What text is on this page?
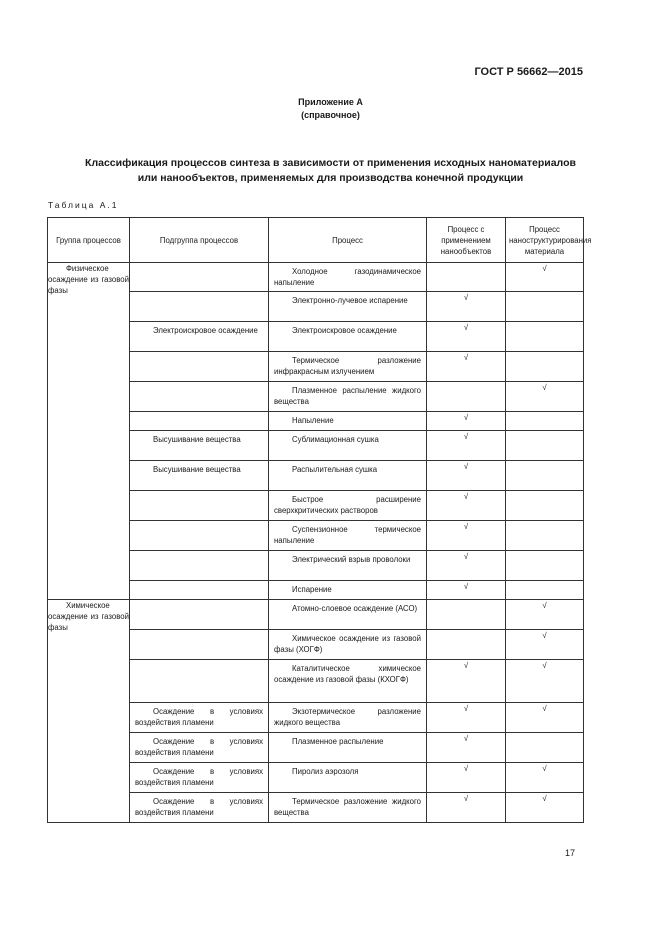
ГОСТ Р 56662—2015
Приложение А
(справочное)
Классификация процессов синтеза в зависимости от применения исходных наноматериалов
или нанообъектов, применяемых для производства конечной продукции
Таблица А.1
Группа процессов	Подгруппа процессов	Процесс	Процесс с применением нанообъектов	Процесс наноструктурирования материала

Физическое осаждение из газовой фазы		Холодное газодинамическое напыление		√

		Электронно-лучевое испарение	√	

	Электроискровое осаждение	Электроискровое осаждение	√	

		Термическое разложение инфракрасным излучением	√	

		Плазменное распыление жидкого вещества		√

		Напыление	√	

	Высушивание вещества	Сублимационная сушка	√	

	Высушивание вещества	Распылительная сушка	√	

		Быстрое расширение сверхкритических растворов	√	

		Суспензионное термическое напыление	√	

		Электрический взрыв проволоки	√	

		Испарение	√	

Химическое осаждение из газовой фазы		Атомно-слоевое осаждение (АСО)		√

		Химическое осаждение из газовой фазы (ХОГФ)		√

		Каталитическое химическое осаждение из газовой фазы (КХОГФ)	√	√

	Осаждение в условиях воздействия пламени	Экзотермическое разложение жидкого вещества	√	√

	Осаждение в условиях воздействия пламени	Плазменное распыление	√	

	Осаждение в условиях воздействия пламени	Пиролиз аэрозоля	√	√

	Осаждение в условиях воздействия пламени	Термическое разложение жидкого вещества	√	√
17
